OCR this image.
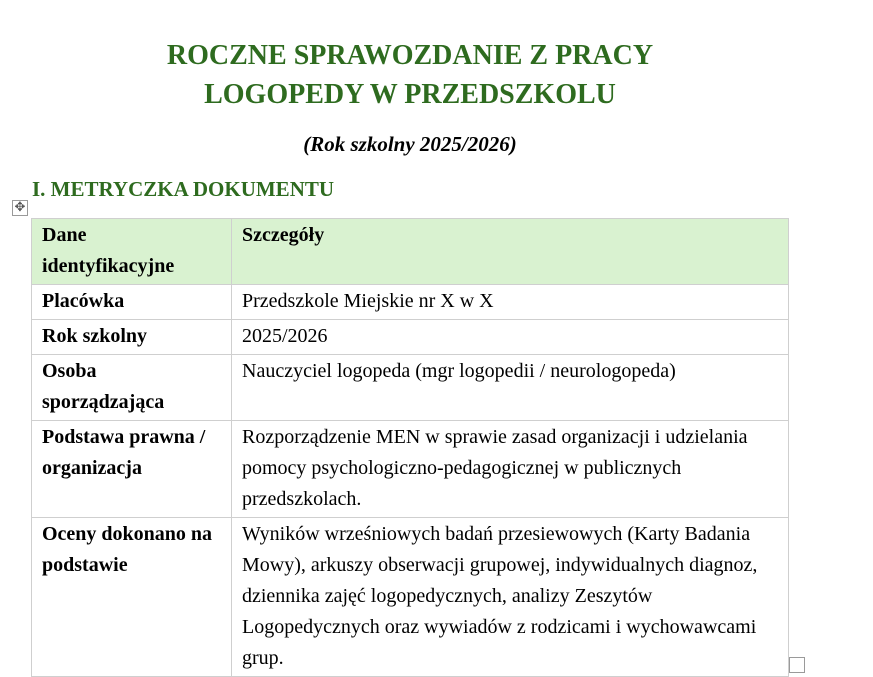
ROCZNE SPRAWOZDANIE Z PRACY
LOGOPEDY W PRZEDSZKOLU
(Rok szkolny 2025/2026)
I. METRYCZKA DOKUMENTU
✥
Dane identyfikacyjne	Szczegóły
Placówka	Przedszkole Miejskie nr X w X
Rok szkolny	2025/2026
Osoba sporządzająca	Nauczyciel logopeda (mgr logopedii / neurologopeda)
Podstawa prawna / organizacja	Rozporządzenie MEN w sprawie zasad organizacji i udzielania pomocy psychologiczno-pedagogicznej w publicznych przedszkolach.
Oceny dokonano na podstawie	Wyników wrześniowych badań przesiewowych (Karty Badania Mowy), arkuszy obserwacji grupowej, indywidualnych diagnoz, dziennika zajęć logopedycznych, analizy Zeszytów Logopedycznych oraz wywiadów z rodzicami i wychowawcami grup.
